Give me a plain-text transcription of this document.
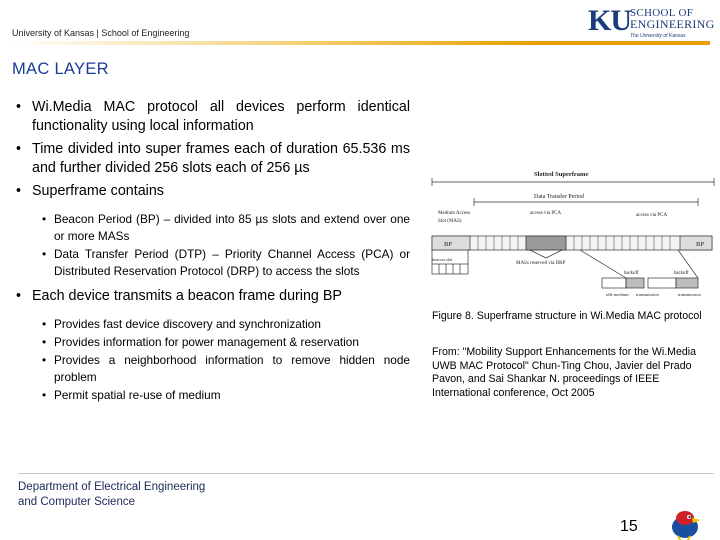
University of Kansas | School of Engineering	KU SCHOOL OF
ENGINEERING
The University of Kansas
MAC LAYER
• Wi.Media MAC protocol all devices perform identical functionality using local information
• Time divided into super frames each of duration 65.536 ms and further divided 256 slots each of 256 µs
• Superframe contains
• Beacon Period (BP) – divided into 85 µs slots and extend over one or more MASs
• Data Transfer Period (DTP) – Priority Channel Access (PCA) or Distributed Reservation Protocol (DRP) to access the slots
• Each device transmits a beacon frame during BP
• Provides fast device discovery and synchronization
• Provides information for power management & reservation
• Provides a neighborhood information to remove hidden node problem
• Permit spatial re-use of medium
Slotted Superframe
Data Transfer Period
Medium Access
Slot (MAS)
access via PCA	access via PCA
BP	BP
beacon slot
MASs reserved via DRP
backoff	backoff
idle medium transmission	transmission
Figure 8. Superframe structure in Wi.Media MAC protocol
From: "Mobility Support Enhancements for the Wi.Media UWB MAC Protocol" Chun-Ting Chou, Javier del Prado Pavon, and Sai Shankar N. proceedings of IEEE International conference, Oct 2005
Department of Electrical Engineering
and Computer Science
15
